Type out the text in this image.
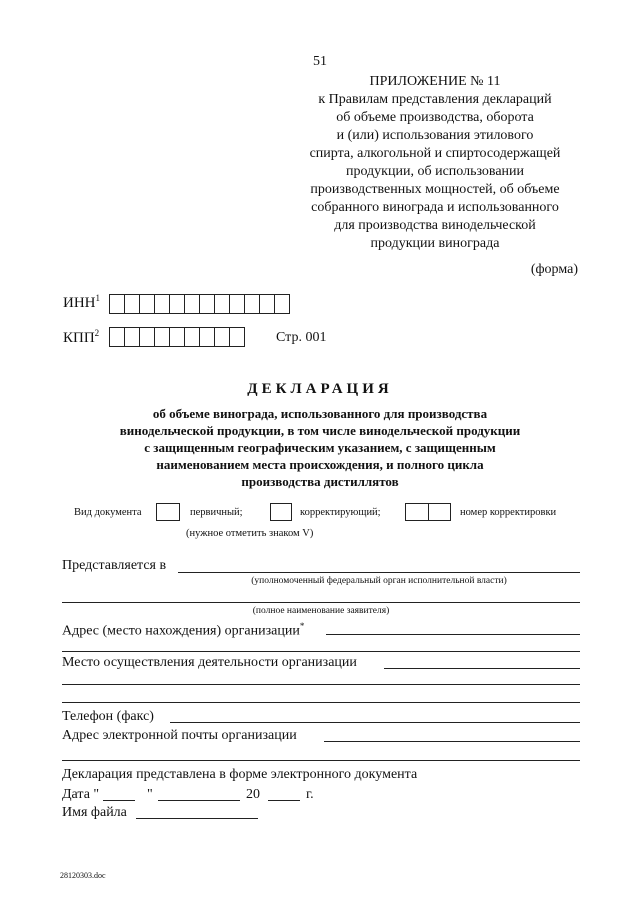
51
ПРИЛОЖЕНИЕ № 11
к Правилам представления деклараций
об объеме производства, оборота
и (или) использования этилового
спирта, алкогольной и спиртосодержащей
продукции, об использовании
производственных мощностей, об объеме
собранного винограда и использованного
для производства винодельческой
продукции винограда
(форма)
ИНН$^1$
КПП$^2$	Стр. 001
ДЕКЛАРАЦИЯ
об объеме винограда, использованного для производства
винодельческой продукции, в том числе винодельческой продукции
с защищенным географическим указанием, с защищенным
наименованием места происхождения, и полного цикла
производства дистиллятов
Вид документа	первичный;	корректирующий;	номер корректировки
(нужное отметить знаком V)
Представляется в
(уполномоченный федеральный орган исполнительной власти)
(полное наименование заявителя)
Адрес (место нахождения) организации*
Место осуществления деятельности организации
Телефон (факс)
Адрес электронной почты организации
Декларация представлена в форме электронного документа
Дата "	"	20	г.
Имя файла
28120303.doc
